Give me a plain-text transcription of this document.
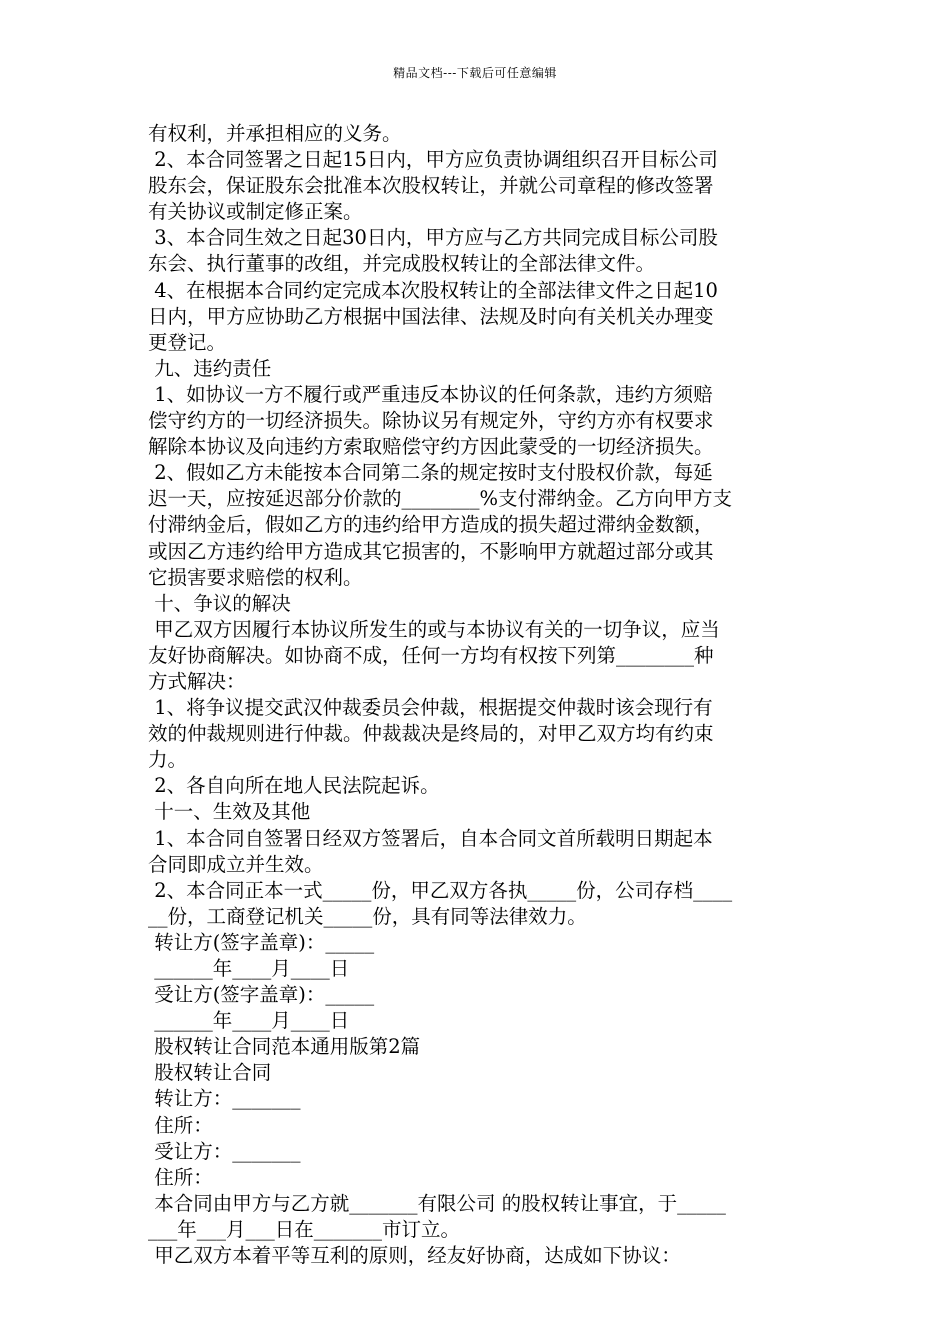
精品文档---下载后可任意编辑
有权利，并承担相应的义务。
2、本合同签署之日起15日内，甲方应负责协调组织召开目标公司
股东会，保证股东会批准本次股权转让，并就公司章程的修改签署
有关协议或制定修正案。
3、本合同生效之日起30日内，甲方应与乙方共同完成目标公司股
东会、执行董事的改组，并完成股权转让的全部法律文件。
4、在根据本合同约定完成本次股权转让的全部法律文件之日起10
日内，甲方应协助乙方根据中国法律、法规及时向有关机关办理变
更登记。
九、违约责任
1、如协议一方不履行或严重违反本协议的任何条款，违约方须赔
偿守约方的一切经济损失。除协议另有规定外，守约方亦有权要求
解除本协议及向违约方索取赔偿守约方因此蒙受的一切经济损失。
2、假如乙方未能按本合同第二条的规定按时支付股权价款，每延
迟一天，应按延迟部分价款的________%支付滞纳金。乙方向甲方支
付滞纳金后，假如乙方的违约给甲方造成的损失超过滞纳金数额，
或因乙方违约给甲方造成其它损害的，不影响甲方就超过部分或其
它损害要求赔偿的权利。
十、争议的解决
甲乙双方因履行本协议所发生的或与本协议有关的一切争议，应当
友好协商解决。如协商不成，任何一方均有权按下列第________种
方式解决：
1、将争议提交武汉仲裁委员会仲裁，根据提交仲裁时该会现行有
效的仲裁规则进行仲裁。仲裁裁决是终局的，对甲乙双方均有约束
力。
2、各自向所在地人民法院起诉。
十一、生效及其他
1、本合同自签署日经双方签署后，自本合同文首所载明日期起本
合同即成立并生效。
2、本合同正本一式_____份，甲乙双方各执_____份，公司存档____
__份，工商登记机关_____份，具有同等法律效力。
转让方(签字盖章)：_____
______年____月____日
受让方(签字盖章)：_____
______年____月____日
股权转让合同范本通用版第2篇
股权转让合同
转让方：_______
住所：
受让方：_______
住所：
本合同由甲方与乙方就_______有限公司 的股权转让事宜，于_____
___年___月___日在_______市订立。
甲乙双方本着平等互利的原则，经友好协商，达成如下协议：
